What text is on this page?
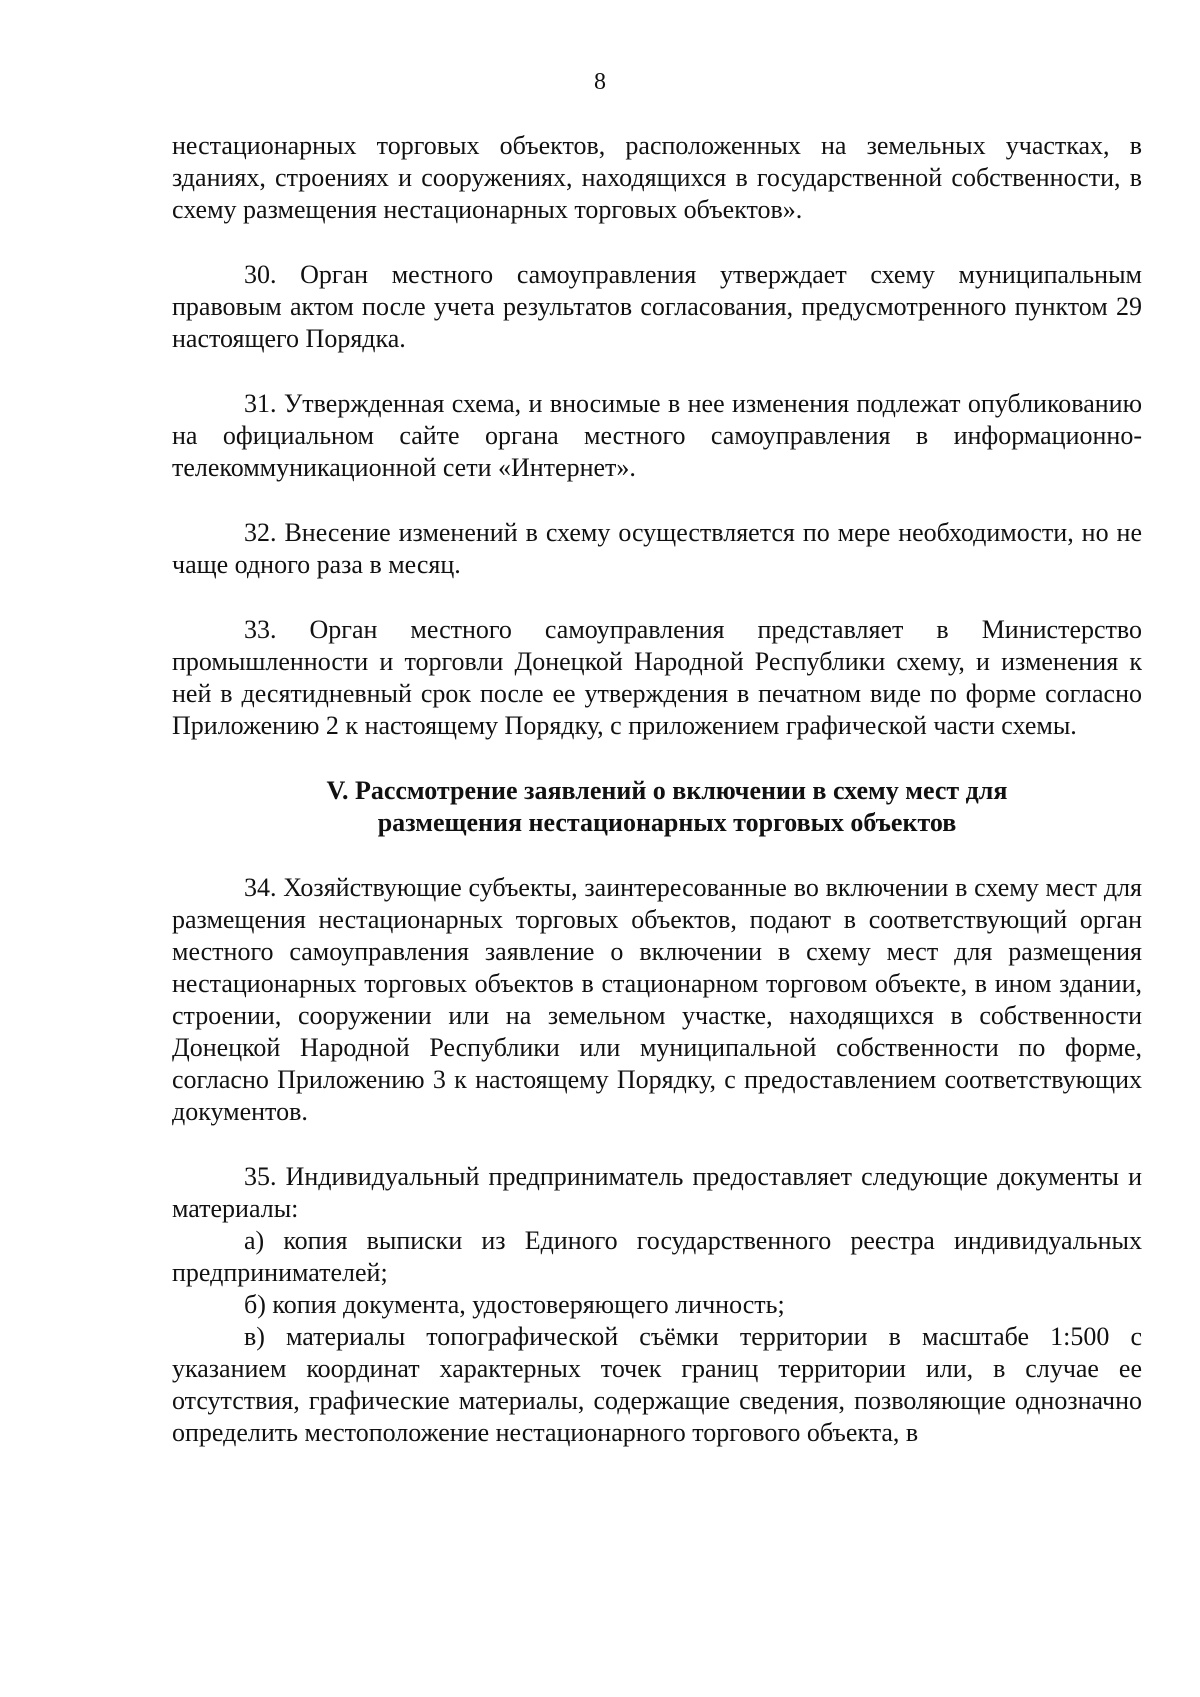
8

нестационарных торговых объектов, расположенных на земельных участках, в зданиях, строениях и сооружениях, находящихся в государственной собственности, в схему размещения нестационарных торговых объектов».

30. Орган местного самоуправления утверждает схему муниципальным правовым актом после учета результатов согласования, предусмотренного пунктом 29 настоящего Порядка.

31. Утвержденная схема, и вносимые в нее изменения подлежат опубликованию на официальном сайте органа местного самоуправления в информационно-телекоммуникационной сети «Интернет».

32. Внесение изменений в схему осуществляется по мере необходимости, но не чаще одного раза в месяц.

33. Орган местного самоуправления представляет в Министерство промышленности и торговли Донецкой Народной Республики схему, и изменения к ней в десятидневный срок после ее утверждения в печатном виде по форме согласно Приложению 2 к настоящему Порядку, с приложением графической части схемы.

V. Рассмотрение заявлений о включении в схему мест для
размещения нестационарных торговых объектов

34. Хозяйствующие субъекты, заинтересованные во включении в схему мест для размещения нестационарных торговых объектов, подают в соответствующий орган местного самоуправления заявление о включении в схему мест для размещения нестационарных торговых объектов в стационарном торговом объекте, в ином здании, строении, сооружении или на земельном участке, находящихся в собственности Донецкой Народной Республики или муниципальной собственности по форме, согласно Приложению 3 к настоящему Порядку, с предоставлением соответствующих документов.

35. Индивидуальный предприниматель предоставляет следующие документы и материалы:

а) копия выписки из Единого государственного реестра индивидуальных предпринимателей;

б) копия документа, удостоверяющего личность;

в) материалы топографической съёмки территории в масштабе 1:500 с указанием координат характерных точек границ территории или, в случае ее отсутствия, графические материалы, содержащие сведения, позволяющие однозначно определить местоположение нестационарного торгового объекта, в
